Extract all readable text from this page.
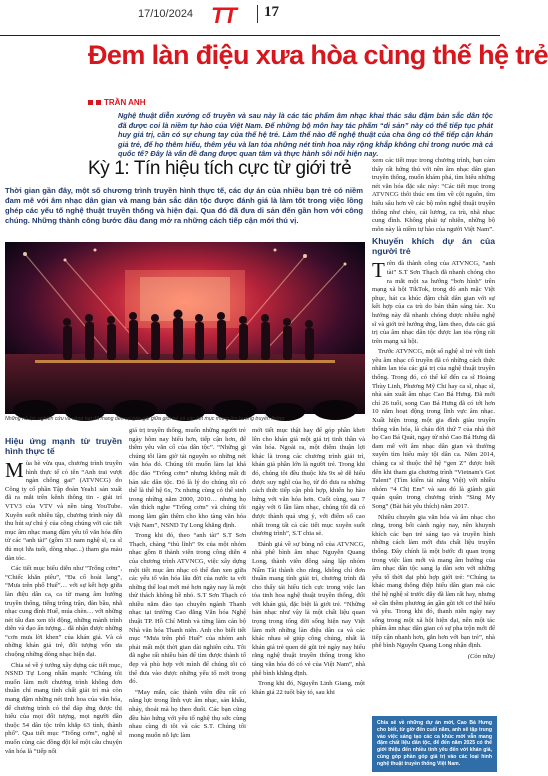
17/10/2024 TT	17
Đem làn điệu xưa hòa cùng thế hệ trẻ
TRẦN ANH
Nghệ thuật diễn xướng cổ truyền và sau này là các tác phẩm âm nhạc khai thác sâu đậm bản sắc dân tộc đã được coi là niềm tự hào của Việt Nam. Để những bộ môn hay tác phẩm “di sản” này có thể tiếp tục phát huy giá trị, cần có sự chung tay của thế hệ trẻ. Làm thế nào để nghệ thuật của cha ông có thể tiếp cận khán giả trẻ, để họ thêm hiểu, thêm yêu và lan tỏa những nét tinh hoa này rộng khắp không chỉ trong nước mà cả quốc tế? Đây là vấn đề đang được quan tâm và thực hành sôi nổi hiện nay.
Kỳ 1: Tín hiệu tích cực từ giới trẻ
Thời gian gần đây, một số chương trình truyền hình thực tế, các dự án của nhiều bạn trẻ có niềm đam mê với âm nhạc dân gian và mang bản sắc dân tộc được đánh giá là làm tốt trong việc lồng ghép các yếu tố nghệ thuật truyền thống và hiện đại. Qua đó đã đưa di sản đến gần hơn với công chúng. Những thành công bước đầu đang mở ra những cách tiếp cận mới thú vị.
Những nỗ lực nghiên cứu và sáng tạo đã mang đến sự gần gũi giữa giới trẻ và các tiết mục mang âm hưởng truyền thống.
Hiệu ứng mạnh từ truyền hình thực tế

Mùa hè vừa qua, chương trình truyền hình thực tế có tên “Anh trai vượt ngàn chông gai” (ATVNCG) do Công ty cổ phần Tập đoàn Yeah1 sản xuất đã ra mắt trên kênh thông tin - giải trí VTV3 của VTV và nền tảng YouTube. Xuyên suốt nhiều tập, chương trình này đã thu hút sự chú ý của công chúng với các tiết mục âm nhạc mang đậm yếu tố văn hóa đến từ các “anh tài” (gồm 33 nam nghệ sĩ, ca sĩ đủ mọi lứa tuổi, dòng nhạc...) tham gia màu dàn tóc.

Các tiết mục biểu diễn như “Trống cơm”, “Chiếc khăn piêu”, “Đa cổ hoài lang”, “Mưa trên phố Huế”… với sự kết hợp giữa làn điệu dân ca, ca từ mang âm hưởng truyền thống, tiếng trống trận, đàn bầu, nhã nhạc cung đình Huế, múa chèn… với những nét tấu đan xen tôi động, những mảnh trình diễn và đạo ấn tượng... đã nhận được những “cơn mưa lời khen” của khán giả. Và cả những khán giả trẻ, đối tượng vốn ưa chuộng những dòng nhạc hiện đại.

Chia sẻ về ý tưởng xây dựng các tiết mục, NSND Tự Long nhấn mạnh: “Chúng tôi muốn làm mới chương trình không đơn thuần chỉ mang tính chất giải trí mà còn mang đậm những nét tinh hoa của văn hóa, để chương trình có thể đáp ứng được thị hiếu của mọi đối tượng, mọi người dân thuộc 54 dân tộc trên khắp 63 tỉnh, thành phố”. Qua tiết mục “Trống cơm”, nghệ sĩ muốn cùng các đồng đội kể một câu chuyện văn hóa là “tiếp nối

giá trị truyền thống, muốn những người trẻ ngày hôm nay hiểu hơn, tiếp cận hơn, để thêm yêu văn cổ của dân tộc”. “Những gì chúng tôi làm giờ tải nguyên so những nét văn hóa đó. Chúng tôi muốn làm lại khá độc đáo “Trống cơm” nhưng không mất đi bản sắc dân tộc. Đó là lý do chúng tôi có thể là thế hệ 6x, 7x nhưng cùng có thể sinh trong những năm 2000, 2010… nhưng họ vẫn thích nghe “Trống cơm” và chúng tôi mong làm gần thêm cho kho tàng văn hóa Việt Nam”, NSND Tự Long khẳng định.

Trong khi đó, theo “anh tài” S.T Sơn Thạch, chàng “thủ lĩnh” 9x của một nhóm nhạc gồm 8 thành viên trong công diễn 4 của chương trình ATVNCG, việc xây dựng một tiết mục âm nhạc có thể đan xen giữa các yếu tố văn hóa lâu đời của nước ta với những thể loại mới mẻ hơn ngày nay là một thử thách không hề nhỏ. S.T Sơn Thạch có nhiều năm đào tạo chuyên ngành Thanh nhạc tại trường Cao đẳng Văn hóa Nghệ thuật TP. Hồ Chí Minh và từng làm cán bộ Nhà văn hóa Thanh niên. Anh cho biết tiết mục “Mưa trên phố Huế” của nhóm anh phải mất một thời gian dài nghiên cứu. Tôi đã nghe rất nhiều bản để tìm được thành tố đẹp và phù hợp với mình để chúng tôi có thể đưa vào được những yếu tố mới trong đó.

“May mắn, các thành viên đều rất có năng lực trong lĩnh vực âm nhạc, sản khấu, nhảy, thoát mà họ theo đuổi. Các bạn cũng đều hào hứng với yêu tố nghệ thụ sức cùng nhau cùng đi tôi và các S.T. Chúng tôi mong muốn nỗ lực làm

mới tiết mục thật hay để góp phần khơi lên cho khán giả một giá trị tinh thần và văn hóa. Ngoài ra, một điểm thuận lợi khác là trong các chương trình giải trí, khán giả phần lớn là người trẻ. Trong khi đó, chúng tôi đều thuộc lứa 9x sẽ dễ hiểu được suy nghĩ của họ, từ đó đưa ra những cách thức tiếp cận phù hợp, khiến họ hào hứng với văn hóa hơn. Cuối cùng, sau 7 ngày với 6 lần làm nhạc, chúng tôi đã có được thành quả ưng ý, với điểm số cao nhất trong tất cả các tiết mục xuyên suốt chương trình”, S.T chia sẻ.

Đánh giá về sự bùng nổ của ATVNCG, nhà phê bình âm nhạc Nguyễn Quang Long, thành viên đồng sáng lập nhóm Nấm Tài thành cho rằng, không chỉ đơn thuần mang tính giải trí, chương trình đã cho thấy tái hiểu tích cực trong việc lan tỏa tinh hoa nghệ thuật truyền thống, đối với khán giả, đặc biệt là giới trẻ. “Những bản nhạc như vậy là một chất liệu quan trọng trong tổng đời sống hiện nay Việt làm mới những làn điệu dân ca và các khác nhau sẽ giúp công chúng, nhất là khán giả trẻ quen dẻ gũi trẻ ngày nay hiểu rằng nghệ thuật truyền thống trong kho tàng văn hóa đó có vẻ của Việt Nam”, nhà phê bình khẳng định.

Trong khi đó, Nguyễn Linh Giang, một khán giả 22 tuổi bày tỏ, sau khi

xem các tiết mục trong chương trình, bạn cảm thấy rất hứng thú với nền âm nhạc dân gian truyền thống, muốn khám phá, tìm hiểu những nét văn hóa đặc sắc này: “Các tiết mục trong ATVNCG thôi thúc em tìm về cội nguồn, tìm hiểu sâu hơn về các bộ môn nghệ thuật truyền thống như chèo, cải lương, ca trù, nhã nhạc cung đình. Không phải tự nhiên, những bộ môn này là niềm tự hào của người Việt Nam”.

Khuyến khích dự án của người trẻ

Trên đà thành công của ATVNCG, “anh tài” S.T Sơn Thạch đã nhanh chóng cho ra mắt một xa hướng “bơn hình” trên mạng xã hội TikTok, trong đó anh mặc Việt phục, hát ca khúc đậm chất dân gian với sự kết hợp của ca trù do bản thân sáng tác. Xu hướng này đã nhanh chóng được nhiều nghệ sĩ và giới trẻ hưởng ứng, làm theo, đưa các giá trị của âm nhạc dân tộc được lan tỏa rộng rãi trên mạng xã hội.

Trước ATVNCG, một số nghệ sĩ trẻ với tình yêu âm nhạc cổ truyền đã có những cách thức nhằm lan tỏa các giá trị của nghệ thuật truyền thống. Trong đó, có thể kể đến ca sĩ Hoàng Thùy Linh, Phương Mỹ Chi hay ca sĩ, nhạc sĩ, nhà sản xuất âm nhạc Cao Bá Hưng. Đã mới chỉ 26 tuổi, song Cao Bá Hưng đã có tới hơn 10 năm hoạt động trong lĩnh vực âm nhạc. Xuất hiện trong một gia đình giàu truyền thống văn hóa, là cháu đời thứ 7 của nhà thờ họ Cao Bá Quát, ngay từ nhỏ Cao Bá Hưng đã đam mê với âm nhạc dân gian và thường xuyên tìm hiểu mày tội dân ca. Năm 2014, chàng ca sĩ thuộc thế hệ “gen Z” được biết đến khi tham gia chương trình “Vietnam's Got Talent” (Tìm kiếm tài năng Việt) với nhiều nhóm “4 Chị Em” và sau đó là giành giải quán quân trong chương trình “Sing My Song” (Bài hát yêu thích) năm 2017.

Nhiều chuyên gia văn hóa và âm nhạc cho rằng, trong bối cảnh ngày nay, nền khuynh khích các bạn trẻ sáng tạo và truyền hình những cách làm mới đưa chất liệu truyền thống. Đây chính là một bước đi quan trọng trong việc làm mới và mang âm hưởng của âm nhạc dân tộc sang lạ dàn sơn với những yếu tố thời đại phù hợp giới trẻ: “Chúng ta khác mang thông điệp hiểu dân gian mà các thể hệ nghệ sĩ trước đây đã làm rất hay, nhưng sẽ cần thêm phương án gần gũi tới cơ thể hiểu và yêu. Trong khi đó, thanh niên ngày nay sống trong một xã hội hiện đại, nên một tác phẩm âm nhạc dân gian có sự pha trộn mới để tiếp cận nhanh hơn, gắn hơn với bạn trẻ”, nhà phê bình Nguyễn Quang Long nhận định.

(Còn nữa)

Chia sẻ về những dự án mới, Cao Bá Hưng cho biết, từ giờ đến cuối năm, anh sẽ tập trung vào việc sáng tạo các ca khúc mới vẫn mang đậm chất liệu dân tộc, để đến năm 2025 có thể giới thiệu đến nhiều tỉnh yêu đến với khán giả, cùng góp phần góp giá trị vào các loại hình nghệ thuật truyền thống Việt Nam.
